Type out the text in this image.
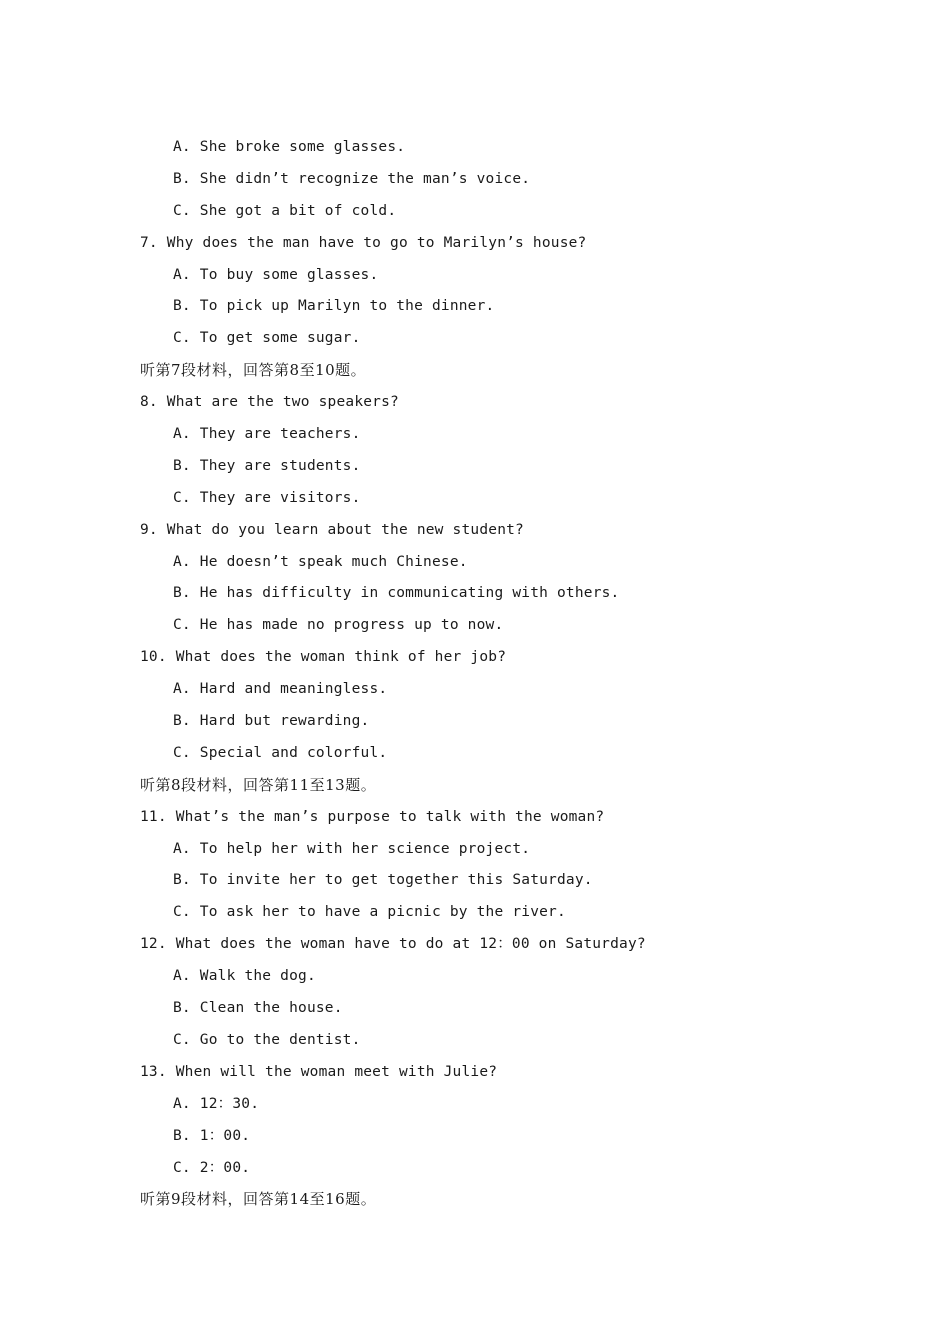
A. She broke some glasses.
B. She didn’t recognize the man’s voice.
C. She got a bit of cold.
7. Why does the man have to go to Marilyn’s house?
A. To buy some glasses.
B. To pick up Marilyn to the dinner.
C. To get some sugar.
听第7段材料，回答第8至10题。
8. What are the two speakers?
A. They are teachers.
B. They are students.
C. They are visitors.
9. What do you learn about the new student?
A. He doesn’t speak much Chinese.
B. He has difficulty in communicating with others.
C. He has made no progress up to now.
10. What does the woman think of her job?
A. Hard and meaningless.
B. Hard but rewarding.
C. Special and colorful.
听第8段材料，回答第11至13题。
11. What’s the man’s purpose to talk with the woman?
A. To help her with her science project.
B. To invite her to get together this Saturday.
C. To ask her to have a picnic by the river.
12. What does the woman have to do at 12：00 on Saturday?
A. Walk the dog.
B. Clean the house.
C. Go to the dentist.
13. When will the woman meet with Julie?
A. 12：30.
B. 1：00.
C. 2：00.
听第9段材料，回答第14至16题。
